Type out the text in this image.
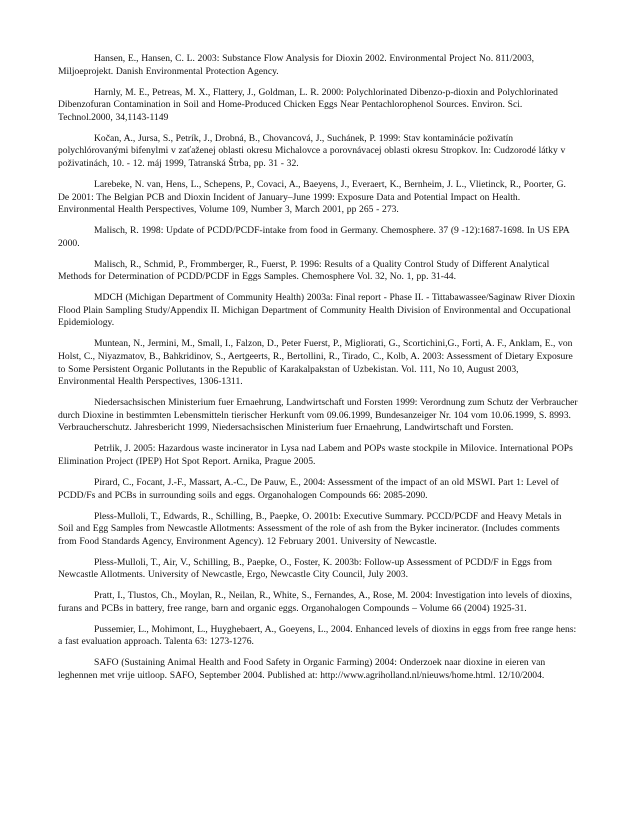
Hansen, E., Hansen, C. L. 2003: Substance Flow Analysis for Dioxin 2002. Environmental Project No. 811/2003, Miljoeprojekt. Danish Environmental Protection Agency.

Harnly, M. E., Petreas, M. X., Flattery, J., Goldman, L. R. 2000: Polychlorinated Dibenzo-p-dioxin and Polychlorinated Dibenzofuran Contamination in Soil and Home-Produced Chicken Eggs Near Pentachlorophenol Sources. Environ. Sci. Technol.2000, 34,1143-1149

Kočan, A., Jursa, S., Petrík, J., Drobná, B., Chovancová, J., Suchánek, P. 1999: Stav kontaminácie poživatín polychlórovanými bifenylmi v zaťaženej oblasti okresu Michalovce a porovnávacej oblasti okresu Stropkov. In: Cudzorodé látky v poživatinách, 10. - 12. máj 1999, Tatranská Štrba, pp. 31 - 32.

Larebeke, N. van, Hens, L., Schepens, P., Covaci, A., Baeyens, J., Everaert, K., Bernheim, J. L., Vlietinck, R., Poorter, G. De 2001: The Belgian PCB and Dioxin Incident of January–June 1999: Exposure Data and Potential Impact on Health. Environmental Health Perspectives, Volume 109, Number 3, March 2001, pp 265 - 273.

Malisch, R. 1998: Update of PCDD/PCDF-intake from food in Germany. Chemosphere. 37 (9 -12):1687-1698. In US EPA 2000.

Malisch, R., Schmid, P., Frommberger, R., Fuerst, P. 1996: Results of a Quality Control Study of Different Analytical Methods for Determination of PCDD/PCDF in Eggs Samples. Chemosphere Vol. 32, No. 1, pp. 31-44.

MDCH (Michigan Department of Community Health) 2003a: Final report - Phase II. - Tittabawassee/Saginaw River Dioxin Flood Plain Sampling Study/Appendix II. Michigan Department of Community Health Division of Environmental and Occupational Epidemiology.

Muntean, N., Jermini, M., Small, I., Falzon, D., Peter Fuerst, P., Migliorati, G., Scortichini,G., Forti, A. F., Anklam, E., von Holst, C., Niyazmatov, B., Bahkridinov, S., Aertgeerts, R., Bertollini, R., Tirado, C., Kolb, A. 2003: Assessment of Dietary Exposure to Some Persistent Organic Pollutants in the Republic of Karakalpakstan of Uzbekistan. Vol. 111, No 10, August 2003, Environmental Health Perspectives, 1306-1311.

Niedersachsischen Ministerium fuer Ernaehrung, Landwirtschaft und Forsten 1999: Verordnung zum Schutz der Verbraucher durch Dioxine in bestimmten Lebensmitteln tierischer Herkunft vom 09.06.1999, Bundesanzeiger Nr. 104 vom 10.06.1999, S. 8993. Verbraucherschutz. Jahresbericht 1999, Niedersachsischen Ministerium fuer Ernaehrung, Landwirtschaft und Forsten.

Petrlik, J. 2005: Hazardous waste incinerator in Lysa nad Labem and POPs waste stockpile in Milovice. International POPs Elimination Project (IPEP) Hot Spot Report. Arnika, Prague 2005.

Pirard, C., Focant, J.-F., Massart, A.-C., De Pauw, E., 2004: Assessment of the impact of an old MSWI. Part 1: Level of PCDD/Fs and PCBs in surrounding soils and eggs. Organohalogen Compounds 66: 2085-2090.

Pless-Mulloli, T., Edwards, R., Schilling, B., Paepke, O. 2001b: Executive Summary. PCCD/PCDF and Heavy Metals in Soil and Egg Samples from Newcastle Allotments: Assessment of the role of ash from the Byker incinerator. (Includes comments from Food Standards Agency, Environment Agency). 12 February 2001. University of Newcastle.

Pless-Mulloli, T., Air, V., Schilling, B., Paepke, O., Foster, K. 2003b: Follow-up Assessment of PCDD/F in Eggs from Newcastle Allotments. University of Newcastle, Ergo, Newcastle City Council, July 2003.

Pratt, I., Tlustos, Ch., Moylan, R., Neilan, R., White, S., Fernandes, A., Rose, M. 2004: Investigation into levels of dioxins, furans and PCBs in battery, free range, barn and organic eggs. Organohalogen Compounds – Volume 66 (2004) 1925-31.

Pussemier, L., Mohimont, L., Huyghebaert, A., Goeyens, L., 2004. Enhanced levels of dioxins in eggs from free range hens: a fast evaluation approach. Talenta 63: 1273-1276.

SAFO (Sustaining Animal Health and Food Safety in Organic Farming) 2004: Onderzoek naar dioxine in eieren van leghennen met vrije uitloop. SAFO, September 2004. Published at: http://www.agriholland.nl/nieuws/home.html. 12/10/2004.
